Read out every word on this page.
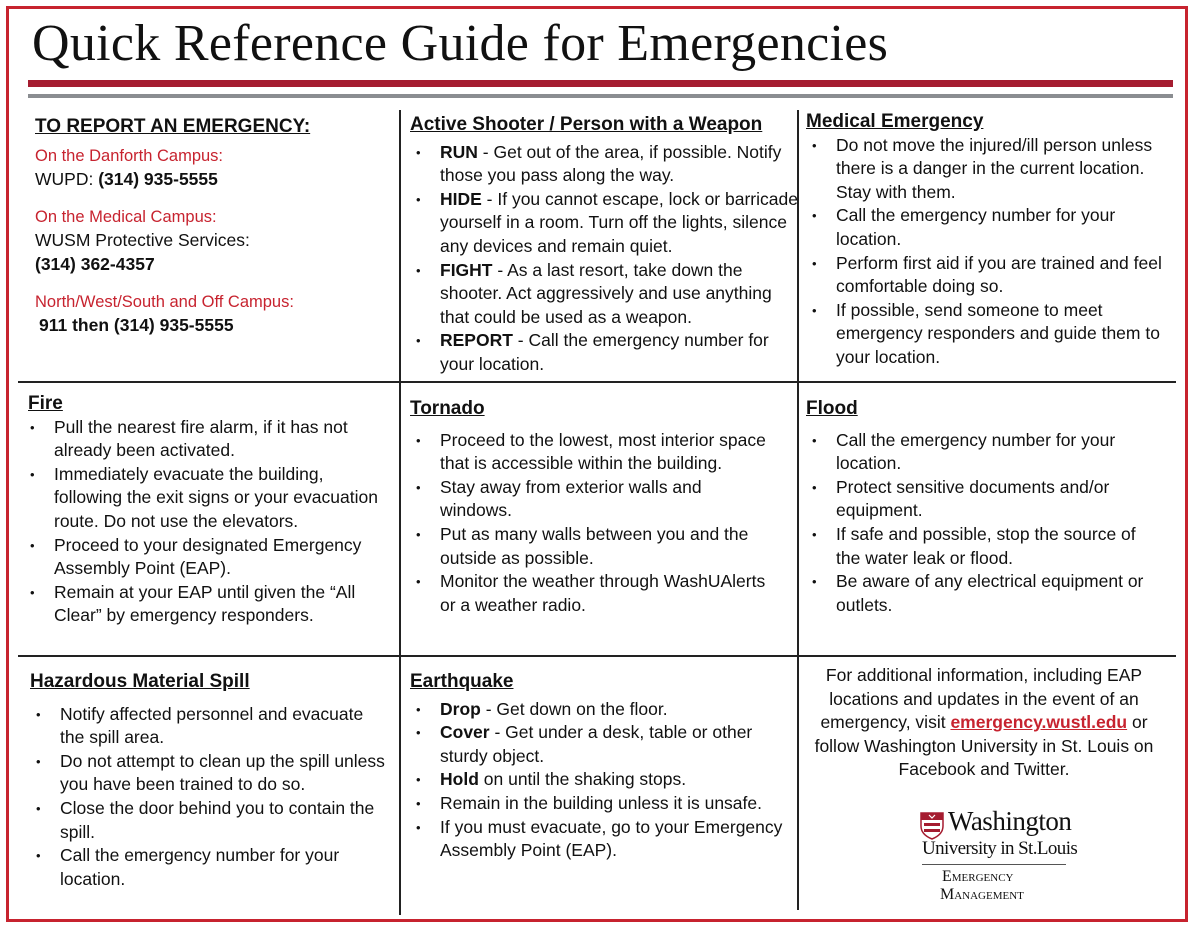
Quick Reference Guide for Emergencies
TO REPORT AN EMERGENCY:
On the Danforth Campus:
WUPD: (314) 935-5555
On the Medical Campus:
WUSM Protective Services:
(314) 362-4357
North/West/South and Off Campus:
911 then (314) 935-5555
Active Shooter / Person with a Weapon
• RUN - Get out of the area, if possible. Notify those you pass along the way.
• HIDE - If you cannot escape, lock or barricade yourself in a room. Turn off the lights, silence any devices and remain quiet.
• FIGHT - As a last resort, take down the shooter. Act aggressively and use anything that could be used as a weapon.
• REPORT - Call the emergency number for your location.
Medical Emergency
• Do not move the injured/ill person unless there is a danger in the current location. Stay with them.
• Call the emergency number for your location.
• Perform first aid if you are trained and feel comfortable doing so.
• If possible, send someone to meet emergency responders and guide them to your location.
Fire
• Pull the nearest fire alarm, if it has not already been activated.
• Immediately evacuate the building, following the exit signs or your evacuation route. Do not use the elevators.
• Proceed to your designated Emergency Assembly Point (EAP).
• Remain at your EAP until given the “All Clear” by emergency responders.
Tornado
• Proceed to the lowest, most interior space that is accessible within the building.
• Stay away from exterior walls and windows.
• Put as many walls between you and the outside as possible.
• Monitor the weather through WashUAlerts or a weather radio.
Flood
• Call the emergency number for your location.
• Protect sensitive documents and/or equipment.
• If safe and possible, stop the source of the water leak or flood.
• Be aware of any electrical equipment or outlets.
Hazardous Material Spill
• Notify affected personnel and evacuate the spill area.
• Do not attempt to clean up the spill unless you have been trained to do so.
• Close the door behind you to contain the spill.
• Call the emergency number for your location.
Earthquake
• Drop - Get down on the floor.
• Cover - Get under a desk, table or other sturdy object.
• Hold on until the shaking stops.
• Remain in the building unless it is unsafe.
• If you must evacuate, go to your Emergency Assembly Point (EAP).
For additional information, including EAP locations and updates in the event of an emergency, visit emergency.wustl.edu or follow Washington University in St. Louis on Facebook and Twitter.
Washington
University in St.Louis
Emergency
Management
